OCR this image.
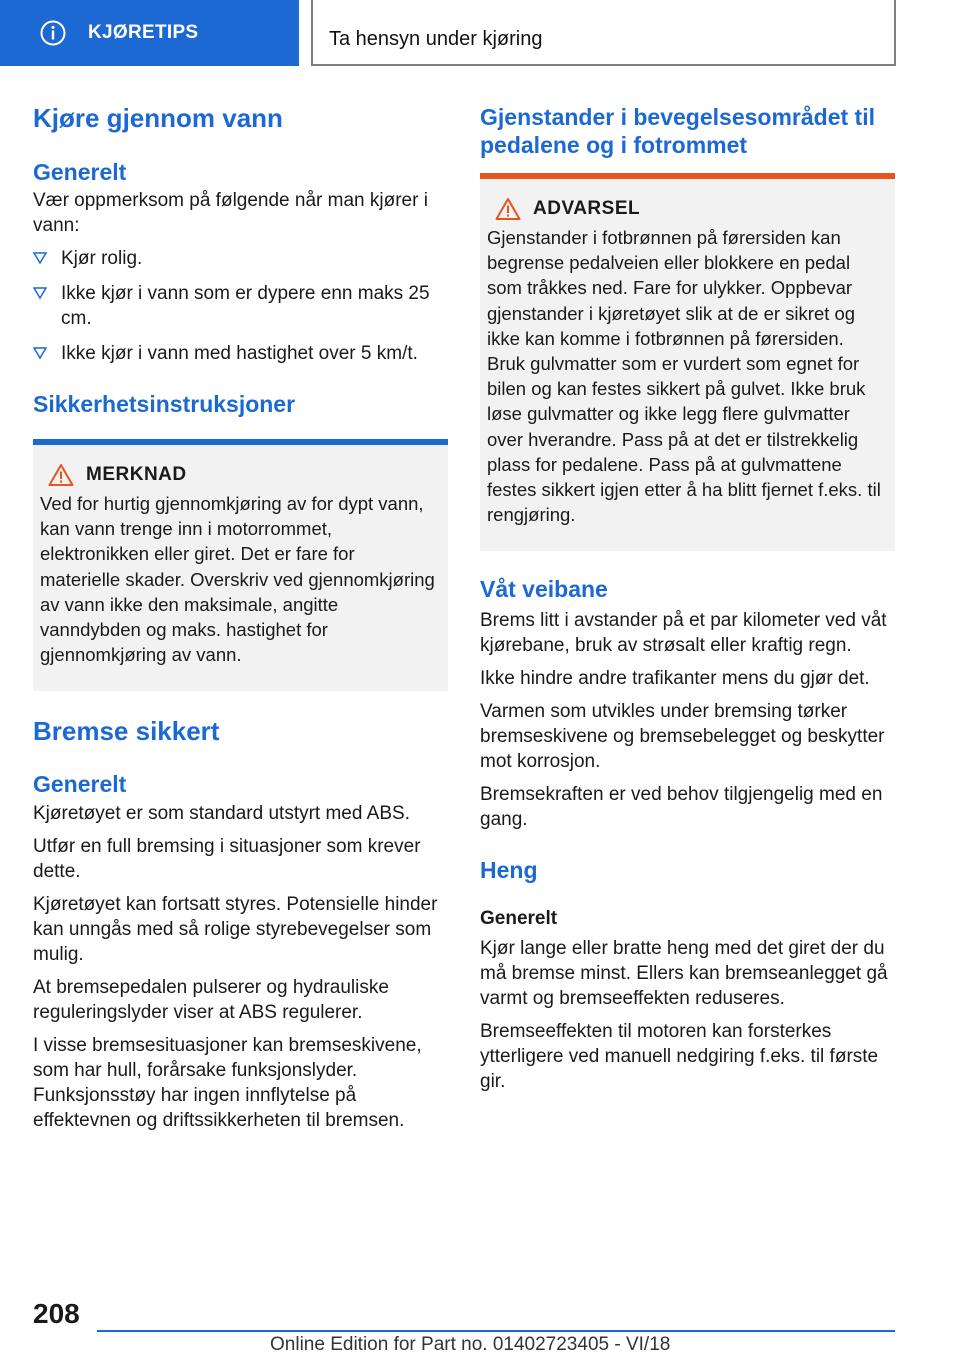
KJØRETIPS	Ta hensyn under kjøring
Kjøre gjennom vann
Generelt

Vær oppmerksom på følgende når man kjører i vann:

Kjør rolig.
Ikke kjør i vann som er dypere enn maks 25 cm.
Ikke kjør i vann med hastighet over 5 km/t.
Sikkerhetsinstruksjoner
MERKNAD

Ved for hurtig gjennomkjøring av for dypt vann, kan vann trenge inn i motorrommet, elektronikken eller giret. Det er fare for materielle skader. Overskriv ved gjennomkjøring av vann ikke den maksimale, angitte vanndybden og maks. hastighet for gjennomkjøring av vann.

Bremse sikkert
Generelt

Kjøretøyet er som standard utstyrt med ABS.

Utfør en full bremsing i situasjoner som krever dette.

Kjøretøyet kan fortsatt styres. Potensielle hinder kan unngås med så rolige styrebevegelser som mulig.

At bremsepedalen pulserer og hydrauliske reguleringslyder viser at ABS regulerer.

I visse bremsesituasjoner kan bremseskivene, som har hull, forårsake funksjonslyder. Funksjonsstøy har ingen innflytelse på effektevnen og driftssikkerheten til bremsen.

Gjenstander i bevegelsesområdet til pedalene og i fotrommet
ADVARSEL

Gjenstander i fotbrønnen på førersiden kan begrense pedalveien eller blokkere en pedal som tråkkes ned. Fare for ulykker. Oppbevar gjenstander i kjøretøyet slik at de er sikret og ikke kan komme i fotbrønnen på førersiden. Bruk gulvmatter som er vurdert som egnet for bilen og kan festes sikkert på gulvet. Ikke bruk løse gulvmatter og ikke legg flere gulvmatter over hverandre. Pass på at det er tilstrekkelig plass for pedalene. Pass på at gulvmattene festes sikkert igjen etter å ha blitt fjernet f.eks. til rengjøring.

Våt veibane

Brems litt i avstander på et par kilometer ved våt kjørebane, bruk av strøsalt eller kraftig regn.

Ikke hindre andre trafikanter mens du gjør det.

Varmen som utvikles under bremsing tørker bremseskivene og bremsebelegget og beskytter mot korrosjon.

Bremsekraften er ved behov tilgjengelig med en gang.

Heng
Generelt

Kjør lange eller bratte heng med det giret der du må bremse minst. Ellers kan bremseanlegget gå varmt og bremseeffekten reduseres.

Bremseeffekten til motoren kan forsterkes ytterligere ved manuell nedgiring f.eks. til første gir.

208
Online Edition for Part no. 01402723405 - VI/18
